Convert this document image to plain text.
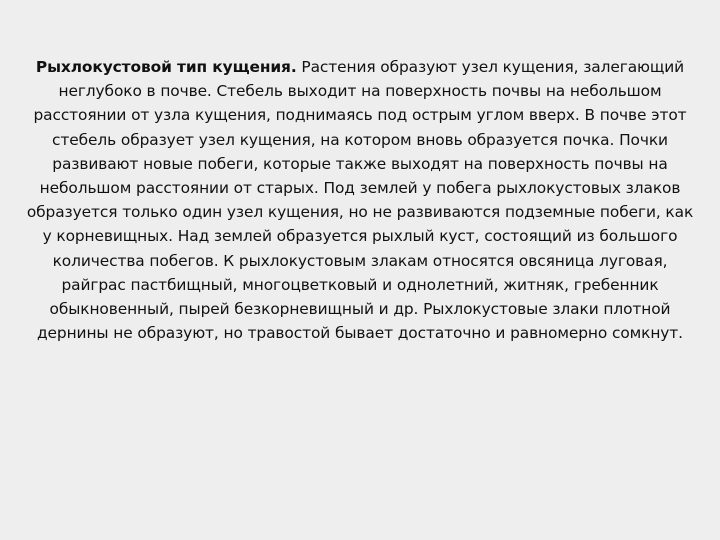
Рыхлокустовой тип кущения. Растения образуют узел кущения, залегающий неглубоко в почве. Стебель выходит на поверхность почвы на небольшом расстоянии от узла кущения, поднимаясь под острым углом вверх. В почве этот стебель образует узел кущения, на котором вновь образуется почка. Почки развивают новые побеги, которые также выходят на поверхность почвы на небольшом расстоянии от старых. Под землей у побега рыхлокустовых злаков образуется только один узел кущения, но не развиваются подземные побеги, как у корневищных. Над землей образуется рыхлый куст, состоящий из большого количества побегов. К рыхлокустовым злакам относятся овсяница луговая, райграс пастбищный, многоцветковый и однолетний, житняк, гребенник обыкновенный, пырей безкорневищный и др. Рыхлокустовые злаки плотной дернины не образуют, но травостой бывает достаточно и равномерно сомкнут.
